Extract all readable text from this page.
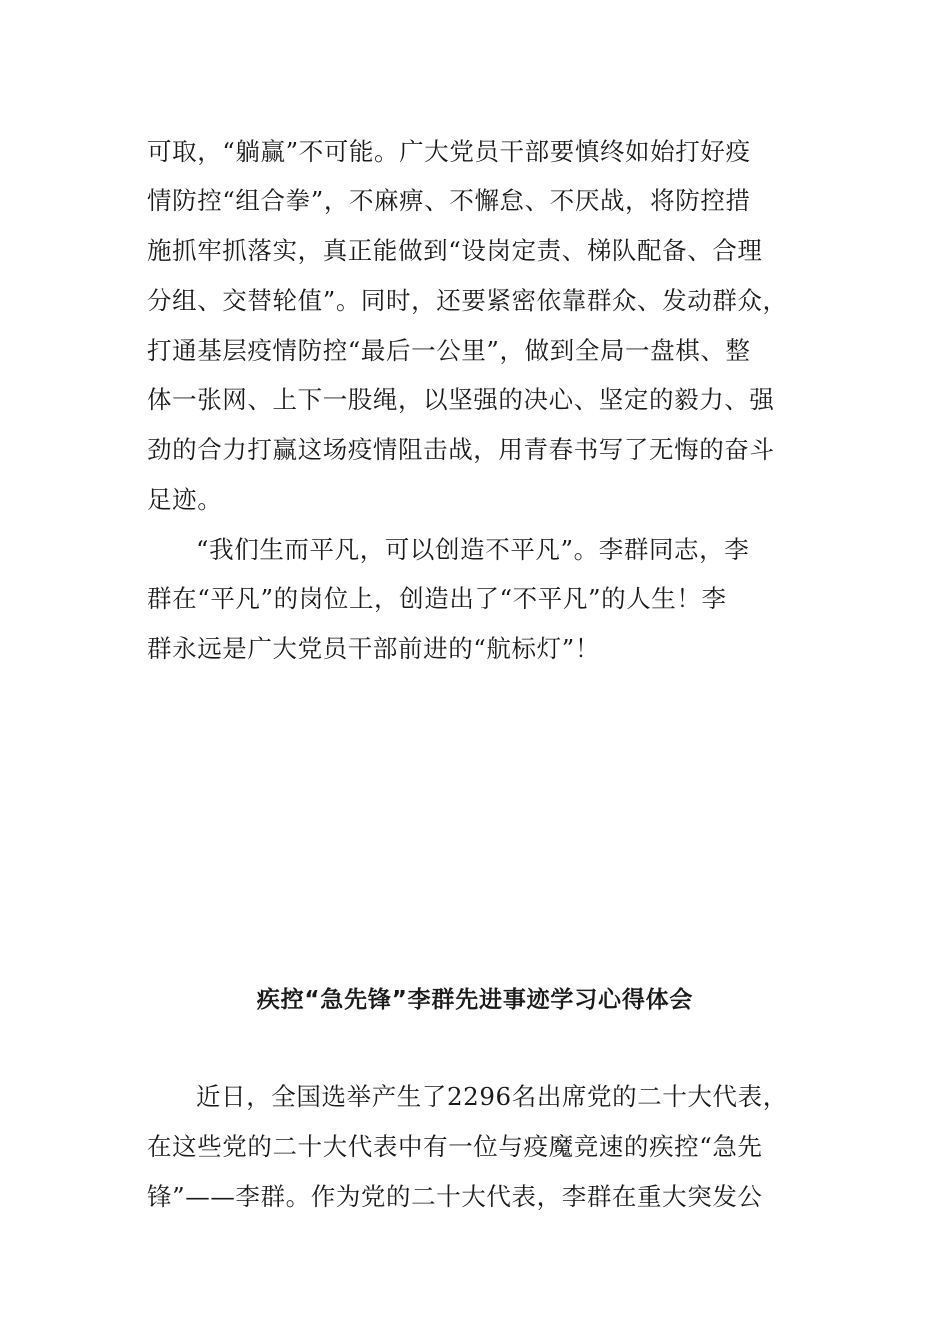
可取，“躺赢”不可能。广大党员干部要慎终如始打好疫
情防控“组合拳”，不麻痹、不懈怠、不厌战，将防控措
施抓牢抓落实，真正能做到“设岗定责、梯队配备、合理
分组、交替轮值”。同时，还要紧密依靠群众、发动群众，
打通基层疫情防控“最后一公里”，做到全局一盘棋、整
体一张网、上下一股绳，以坚强的决心、坚定的毅力、强
劲的合力打赢这场疫情阻击战，用青春书写了无悔的奋斗
足迹。
“我们生而平凡，可以创造不平凡”。李群同志，李
群在“平凡”的岗位上，创造出了“不平凡”的人生！李
群永远是广大党员干部前进的“航标灯”！
疾控“急先锋”李群先进事迹学习心得体会
近日，全国选举产生了2296名出席党的二十大代表，
在这些党的二十大代表中有一位与疫魔竞速的疾控“急先
锋”——李群。作为党的二十大代表，李群在重大突发公
